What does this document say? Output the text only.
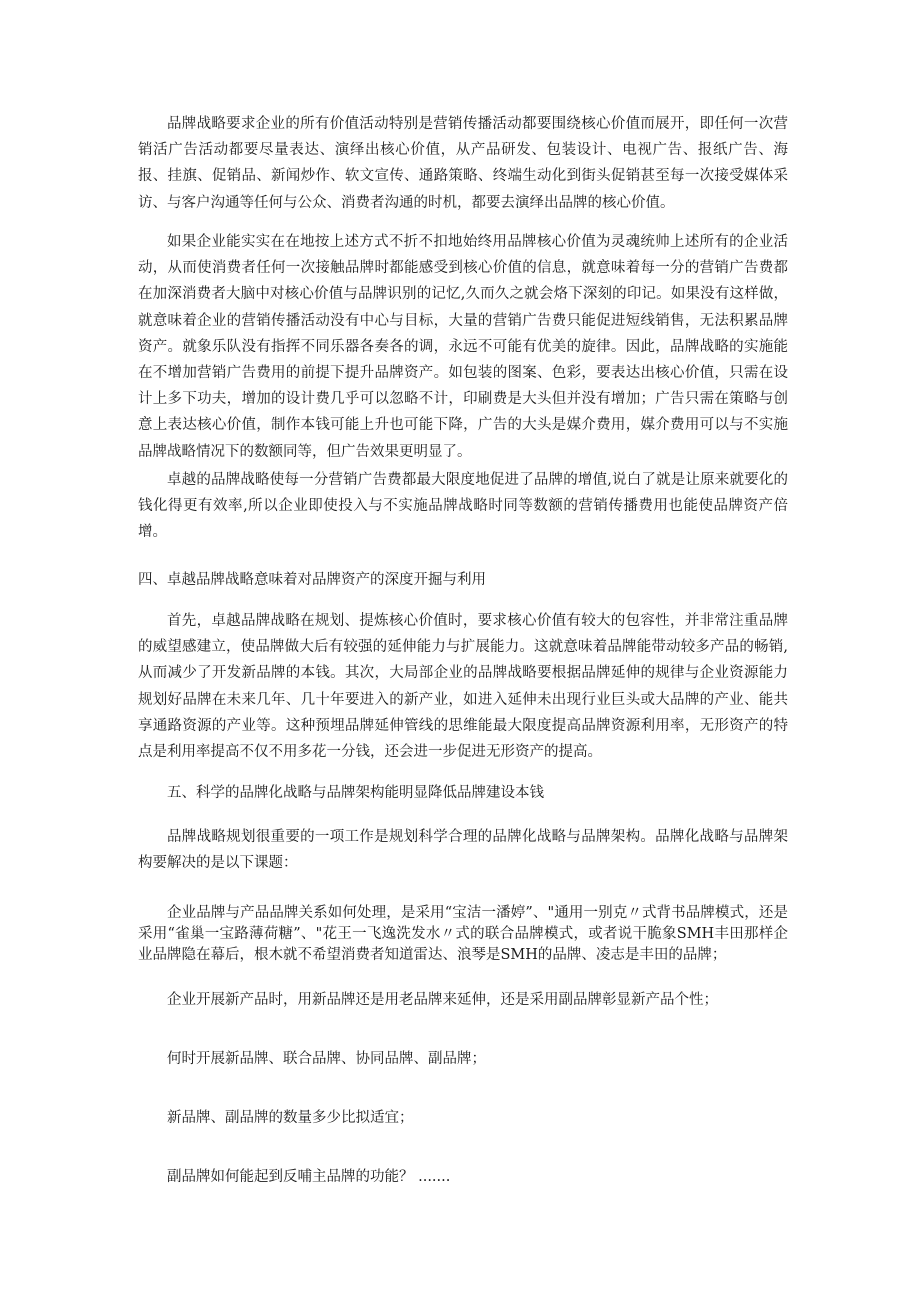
品牌战略要求企业的所有价值活动特别是营销传播活动都要围绕核心价值而展开，即任何一次营销活广告活动都要尽量表达、演绎出核心价值，从产品研发、包装设计、电视广告、报纸广告、海报、挂旗、促销品、新闻炒作、软文宣传、通路策略、终端生动化到街头促销甚至每一次接受媒体采访、与客户沟通等任何与公众、消费者沟通的时机，都要去演绎出品牌的核心价值。

如果企业能实实在在地按上述方式不折不扣地始终用品牌核心价值为灵魂统帅上述所有的企业活动，从而使消费者任何一次接触品牌时都能感受到核心价值的信息，就意味着每一分的营销广告费都在加深消费者大脑中对核心价值与品牌识别的记忆,久而久之就会烙下深刻的印记。如果没有这样做，就意味着企业的营销传播活动没有中心与目标，大量的营销广告费只能促进短线销售，无法积累品牌资产。就象乐队没有指挥不同乐器各奏各的调，永远不可能有优美的旋律。因此，品牌战略的实施能在不增加营销广告费用的前提下提升品牌资产。如包装的图案、色彩，要表达出核心价值，只需在设计上多下功夫，增加的设计费几乎可以忽略不计，印刷费是大头但并没有增加；广告只需在策略与创意上表达核心价值，制作本钱可能上升也可能下降，广告的大头是媒介费用，媒介费用可以与不实施品牌战略情况下的数额同等，但广告效果更明显了。

卓越的品牌战略使每一分营销广告费都最大限度地促进了品牌的增值,说白了就是让原来就要化的钱化得更有效率,所以企业即使投入与不实施品牌战略时同等数额的营销传播费用也能使品牌资产倍增。

四、卓越品牌战略意味着对品牌资产的深度开掘与利用

首先，卓越品牌战略在规划、提炼核心价值时，要求核心价值有较大的包容性，并非常注重品牌的威望感建立，使品牌做大后有较强的延伸能力与扩展能力。这就意味着品牌能带动较多产品的畅销,从而减少了开发新品牌的本钱。其次，大局部企业的品牌战略要根据品牌延伸的规律与企业资源能力规划好品牌在未来几年、几十年要进入的新产业，如进入延伸未出现行业巨头或大品牌的产业、能共享通路资源的产业等。这种预埋品牌延伸管线的思维能最大限度提高品牌资源利用率，无形资产的特点是利用率提高不仅不用多花一分钱，还会进一步促进无形资产的提高。

五、科学的品牌化战略与品牌架构能明显降低品牌建设本钱

品牌战略规划很重要的一项工作是规划科学合理的品牌化战略与品牌架构。品牌化战略与品牌架构要解决的是以下课题：

企业品牌与产品品牌关系如何处理，是采用“宝洁一潘婷”、"通用一别克〃式背书品牌模式，还是采用“雀巢一宝路薄荷糖”、"花王一飞逸洗发水〃式的联合品牌模式，或者说干脆象SMH丰田那样企业品牌隐在幕后，根木就不希望消费者知道雷达、浪琴是SMH的品牌、凌志是丰田的品牌；

企业开展新产品时，用新品牌还是用老品牌来延伸，还是采用副品牌彰显新产品个性；

何时开展新品牌、联合品牌、协同品牌、副品牌；

新品牌、副品牌的数量多少比拟适宜；

副品牌如何能起到反哺主品牌的功能？ .......
